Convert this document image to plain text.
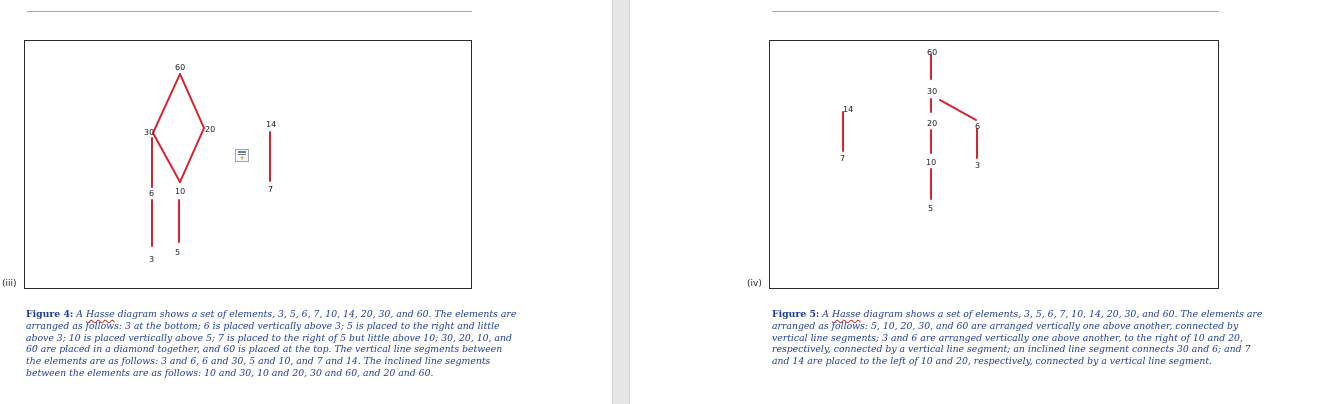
(iii)
60
30	20
14
6	10	7
3
5
Figure 4: A Hasse diagram shows a set of elements, 3, 5, 6, 7, 10, 14, 20, 30, and 60. The elements are arranged as follows: 3 at the bottom; 6 is placed vertically above 3; 5 is placed to the right and little above 3; 10 is placed vertically above 5; 7 is placed to the right of 5 but little above 10; 30, 20, 10, and 60 are placed in a diamond together, and 60 is placed at the top. The vertical line segments between the elements are as follows: 3 and 6, 6 and 30, 5 and 10, and 7 and 14. The inclined line segments between the elements are as follows: 10 and 30, 10 and 20, 30 and 60, and 20 and 60.
(iv)
60
30
20
10
5
14
7
6
3
Figure 5: A Hasse diagram shows a set of elements, 3, 5, 6, 7, 10, 14, 20, 30, and 60. The elements are arranged as follows: 5, 10, 20, 30, and 60 are arranged vertically one above another, connected by vertical line segments; 3 and 6 are arranged vertically one above another, to the right of 10 and 20, respectively, connected by a vertical line segment; an inclined line segment connects 30 and 6; and 7 and 14 are placed to the left of 10 and 20, respectively, connected by a vertical line segment.
